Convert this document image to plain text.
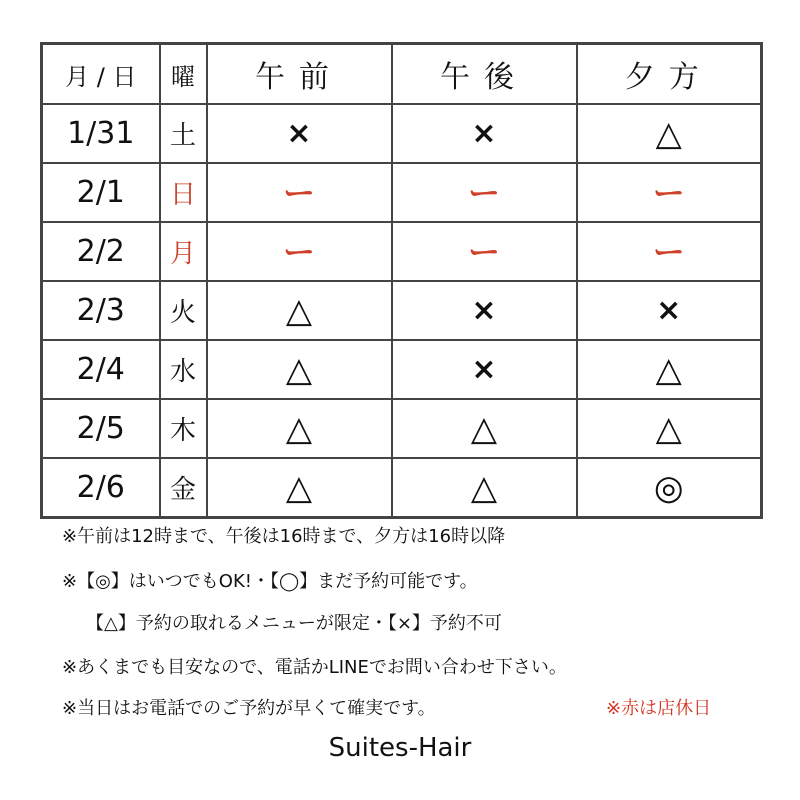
月 / 日	曜	午前	午後	夕方
1/31	土	×	×	△
2/1	日	ー	ー	ー
2/2	月	ー	ー	ー
2/3	火	△	×	×
2/4	水	△	×	△
2/5	木	△	△	△
2/6	金	△	△	◎
※午前は12時まで、午後は16時まで、夕方は16時以降
※【◎】はいつでもOK!・【◯】まだ予約可能です。
【△】予約の取れるメニューが限定・【×】予約不可
※あくまでも目安なので、電話かLINEでお問い合わせ下さい。
※当日はお電話でのご予約が早くて確実です。	※赤は店休日
Suites-Hair
